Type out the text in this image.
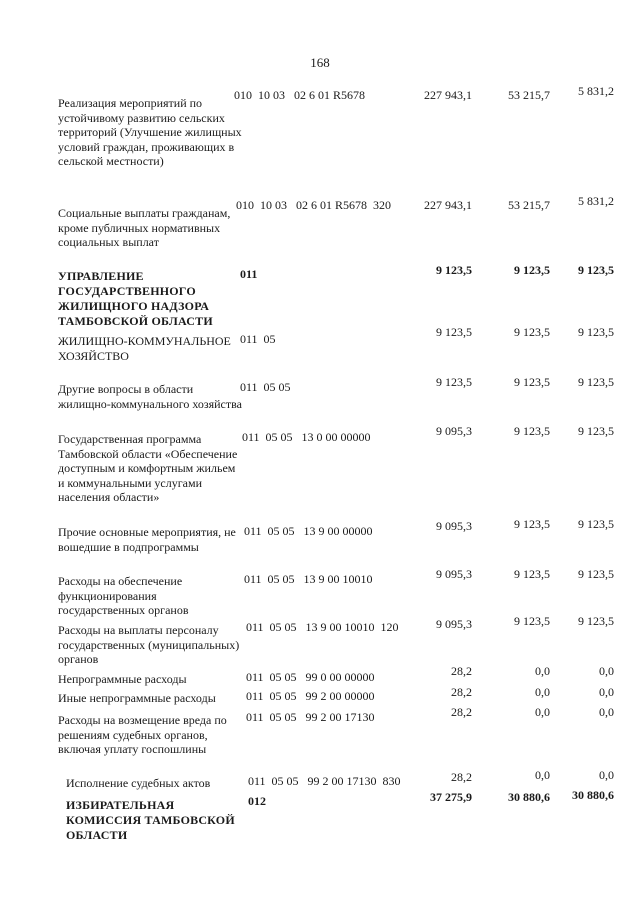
168
Реализация мероприятий по устойчивому развитию сельских территорий (Улучшение жилищных условий граждан, проживающих в сельской местности)
010  10 03   02 6 01 R5678	227 943,1	53 215,7 5 831,2
Социальные выплаты гражданам, кроме публичных нормативных социальных выплат
010  10 03   02 6 01 R5678  320	227 943,1	53 215,7 5 831,2
УПРАВЛЕНИЕ ГОСУДАРСТВЕННОГО ЖИЛИЩНОГО НАДЗОРА ТАМБОВСКОЙ ОБЛАСТИ
011	9 123,5	9 123,5 9 123,5
ЖИЛИЩНО-КОММУНАЛЬНОЕ ХОЗЯЙСТВО
011  05	9 123,5	9 123,5 9 123,5
Другие вопросы в области жилищно-коммунального хозяйства
011  05 05	9 123,5	9 123,5 9 123,5
Государственная программа Тамбовской области «Обеспечение доступным и комфортным жильем и коммунальными услугами населения области»
011  05 05   13 0 00 00000	9 095,3	9 123,5 9 123,5
Прочие основные мероприятия, не вошедшие в подпрограммы
011  05 05   13 9 00 00000	9 095,3	9 123,5 9 123,5
Расходы на обеспечение функционирования государственных органов
011  05 05   13 9 00 10010	9 095,3	9 123,5 9 123,5
Расходы на выплаты персоналу государственных (муниципальных) органов
011  05 05   13 9 00 10010  120	9 095,3	9 123,5 9 123,5
Непрограммные расходы	011  05 05   99 0 00 00000	28,2	0,0	0,0
Иные непрограммные расходы	011  05 05   99 2 00 00000	28,2	0,0	0,0
Расходы на возмещение вреда по решениям судебных органов, включая уплату госпошлины
011  05 05   99 2 00 17130	28,2	0,0	0,0
Исполнение судебных актов	011  05 05   99 2 00 17130  830	28,2	0,0	0,0
ИЗБИРАТЕЛЬНАЯ КОМИССИЯ ТАМБОВСКОЙ ОБЛАСТИ
012	37 275,9	30 880,6 30 880,6
